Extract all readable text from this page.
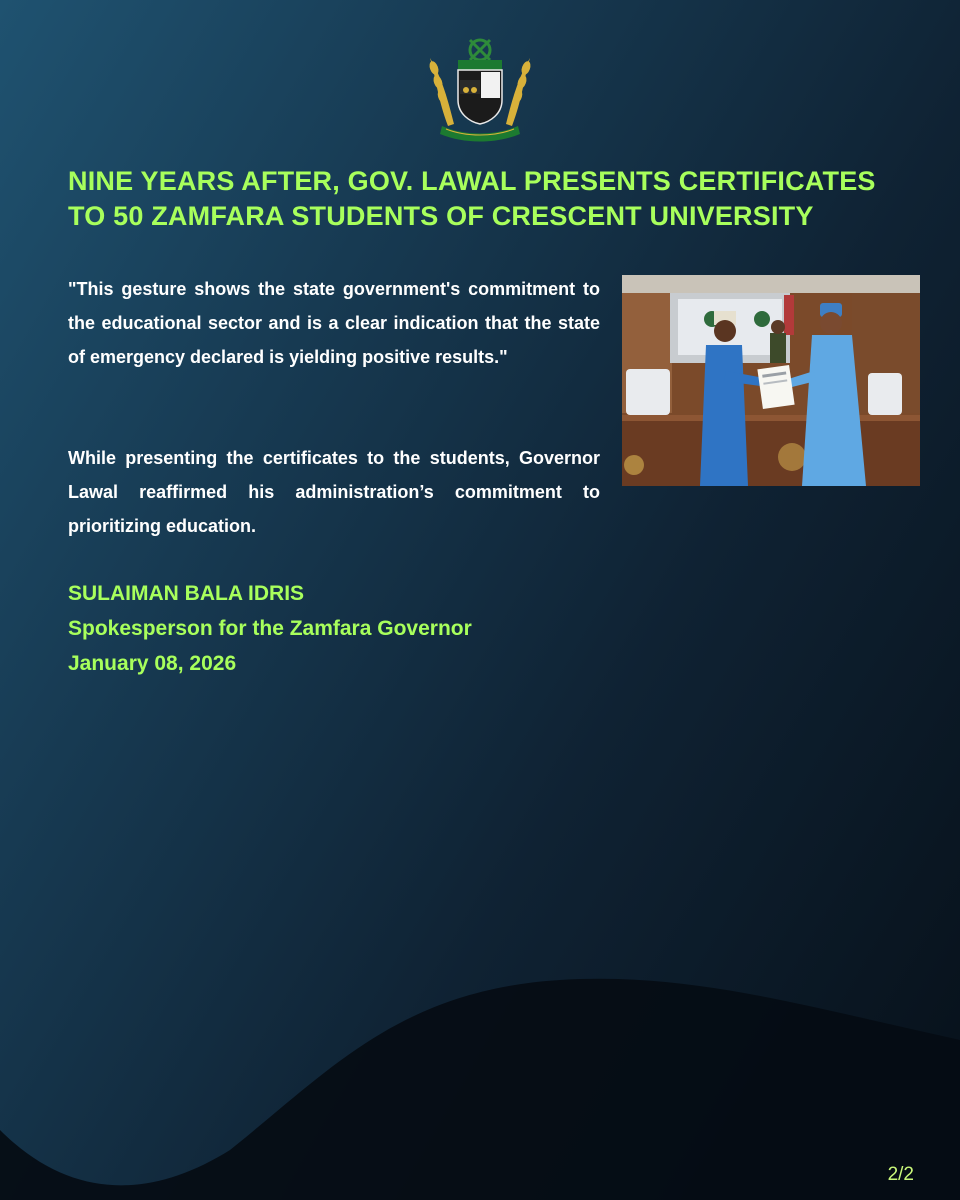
NINE YEARS AFTER, GOV. LAWAL PRESENTS CERTIFICATES
TO 50 ZAMFARA STUDENTS OF CRESCENT UNIVERSITY

"This gesture shows the state government's commitment to the educational sector and is a clear indication that the state of emergency declared is yielding positive results."

While presenting the certificates to the students, Governor Lawal reaffirmed his administration’s commitment to prioritizing education.

SULAIMAN BALA IDRIS
Spokesperson for the Zamfara Governor
January 08, 2026
2/2
